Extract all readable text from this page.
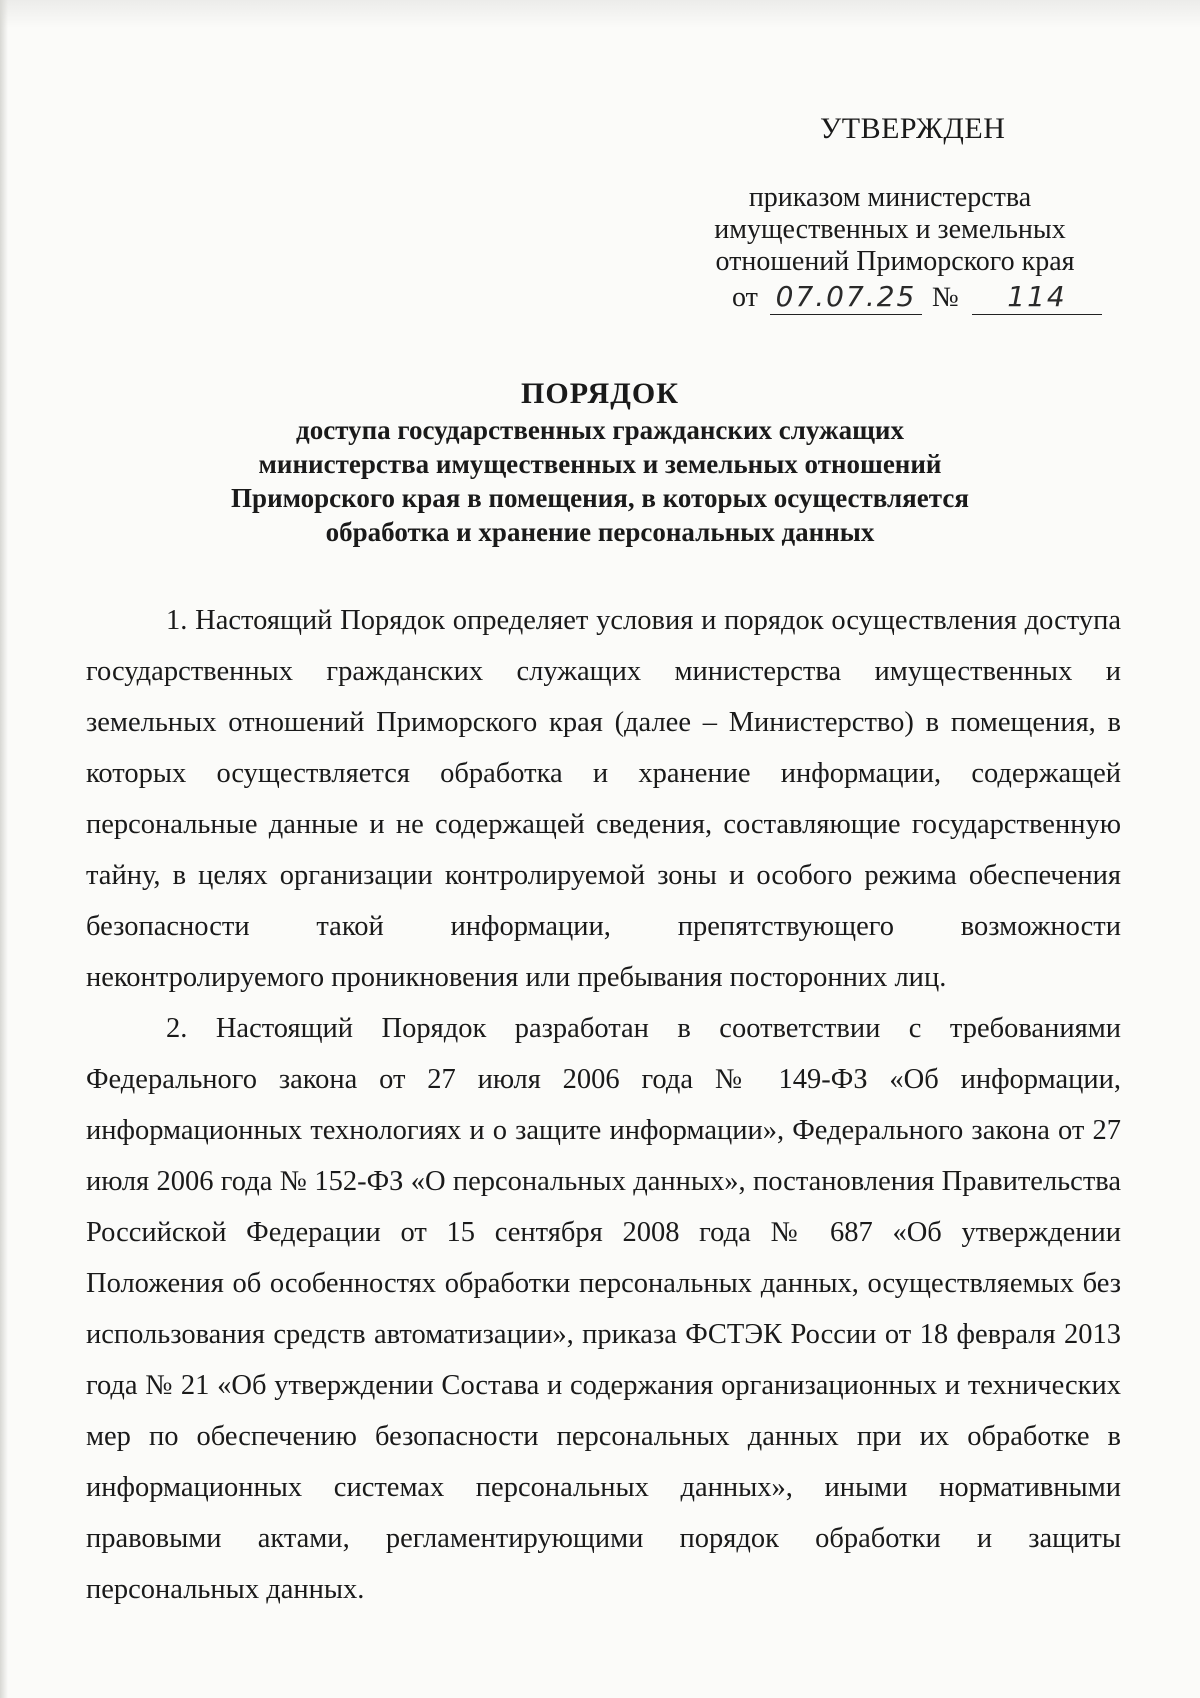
УТВЕРЖДЕН
приказом министерства
имущественных и земельных
отношений Приморского края
от 07.07.25 №	114
ПОРЯДОК
доступа государственных гражданских служащих
министерства имущественных и земельных отношений
Приморского края в помещения, в которых осуществляется
обработка и хранение персональных данных

1. Настоящий Порядок определяет условия и порядок осуществления доступа государственных гражданских служащих министерства имущественных и земельных отношений Приморского края (далее – Министерство) в помещения, в которых осуществляется обработка и хранение информации, содержащей персональные данные и не содержащей сведения, составляющие государственную тайну, в целях организации контролируемой зоны и особого режима обеспечения безопасности такой информации, препятствующего возможности неконтролируемого проникновения или пребывания посторонних лиц.

2. Настоящий Порядок разработан в соответствии с требованиями Федерального закона от 27 июля 2006 года № 149-ФЗ «Об информации, информационных технологиях и о защите информации», Федерального закона от 27 июля 2006 года № 152-ФЗ «О персональных данных», постановления Правительства Российской Федерации от 15 сентября 2008 года № 687 «Об утверждении Положения об особенностях обработки персональных данных, осуществляемых без использования средств автоматизации», приказа ФСТЭК России от 18 февраля 2013 года № 21 «Об утверждении Состава и содержания организационных и технических мер по обеспечению безопасности персональных данных при их обработке в информационных системах персональных данных», иными нормативными правовыми актами, регламентирующими порядок обработки и защиты персональных данных.
